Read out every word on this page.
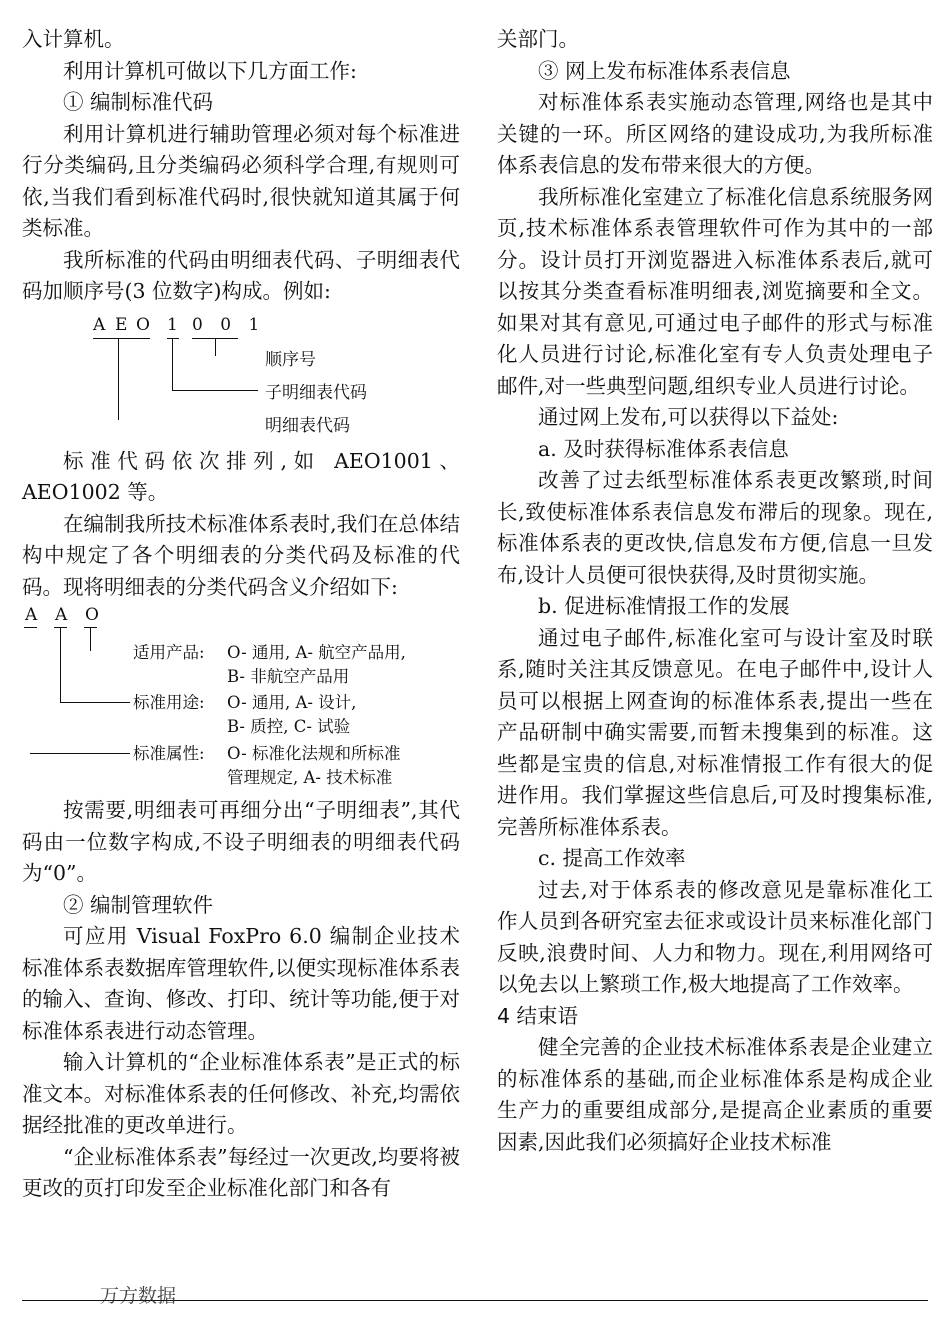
入计算机。

利用计算机可做以下几方面工作:

① 编制标准代码

利用计算机进行辅助管理必须对每个标准进行分类编码,且分类编码必须科学合理,有规则可依,当我们看到标准代码时,很快就知道其属于何类标准。

我所标准的代码由明细表代码、子明细表代码加顺序号(3 位数字)构成。例如:

A E O 1 0 0 1
顺序号
子明细表代码
明细表代码

标准代码依次排列,如 AEO1001、AEO1002 等。

在编制我所技术标准体系表时,我们在总体结构中规定了各个明细表的分类代码及标准的代码。现将明细表的分类代码含义介绍如下:

A A O
适用产品: O- 通用, A- 航空产品用,
B- 非航空产品用
标准用途: O- 通用, A- 设计,
B- 质控, C- 试验
标准属性: O- 标准化法规和所标准
管理规定, A- 技术标准

按需要,明细表可再细分出“子明细表”,其代码由一位数字构成,不设子明细表的明细表代码为“0”。

② 编制管理软件

可应用 Visual FoxPro 6.0 编制企业技术标准体系表数据库管理软件,以便实现标准体系表的输入、查询、修改、打印、统计等功能,便于对标准体系表进行动态管理。

输入计算机的“企业标准体系表”是正式的标准文本。对标准体系表的任何修改、补充,均需依据经批准的更改单进行。

“企业标准体系表”每经过一次更改,均要将被更改的页打印发至企业标准化部门和各有

关部门。

③ 网上发布标准体系表信息

对标准体系表实施动态管理,网络也是其中关键的一环。所区网络的建设成功,为我所标准体系表信息的发布带来很大的方便。

我所标准化室建立了标准化信息系统服务网页,技术标准体系表管理软件可作为其中的一部分。设计员打开浏览器进入标准体系表后,就可以按其分类查看标准明细表,浏览摘要和全文。如果对其有意见,可通过电子邮件的形式与标准化人员进行讨论,标准化室有专人负责处理电子邮件,对一些典型问题,组织专业人员进行讨论。

通过网上发布,可以获得以下益处:

a. 及时获得标准体系表信息

改善了过去纸型标准体系表更改繁琐,时间长,致使标准体系表信息发布滞后的现象。现在,标准体系表的更改快,信息发布方便,信息一旦发布,设计人员便可很快获得,及时贯彻实施。

b. 促进标准情报工作的发展

通过电子邮件,标准化室可与设计室及时联系,随时关注其反馈意见。在电子邮件中,设计人员可以根据上网查询的标准体系表,提出一些在产品研制中确实需要,而暂未搜集到的标准。这些都是宝贵的信息,对标准情报工作有很大的促进作用。我们掌握这些信息后,可及时搜集标准,完善所标准体系表。

c. 提高工作效率

过去,对于体系表的修改意见是靠标准化工作人员到各研究室去征求或设计员来标准化部门反映,浪费时间、人力和物力。现在,利用网络可以免去以上繁琐工作,极大地提高了工作效率。

4 结束语

健全完善的企业技术标准体系表是企业建立的标准体系的基础,而企业标准体系是构成企业生产力的重要组成部分,是提高企业素质的重要因素,因此我们必须搞好企业技术标准

万方数据
